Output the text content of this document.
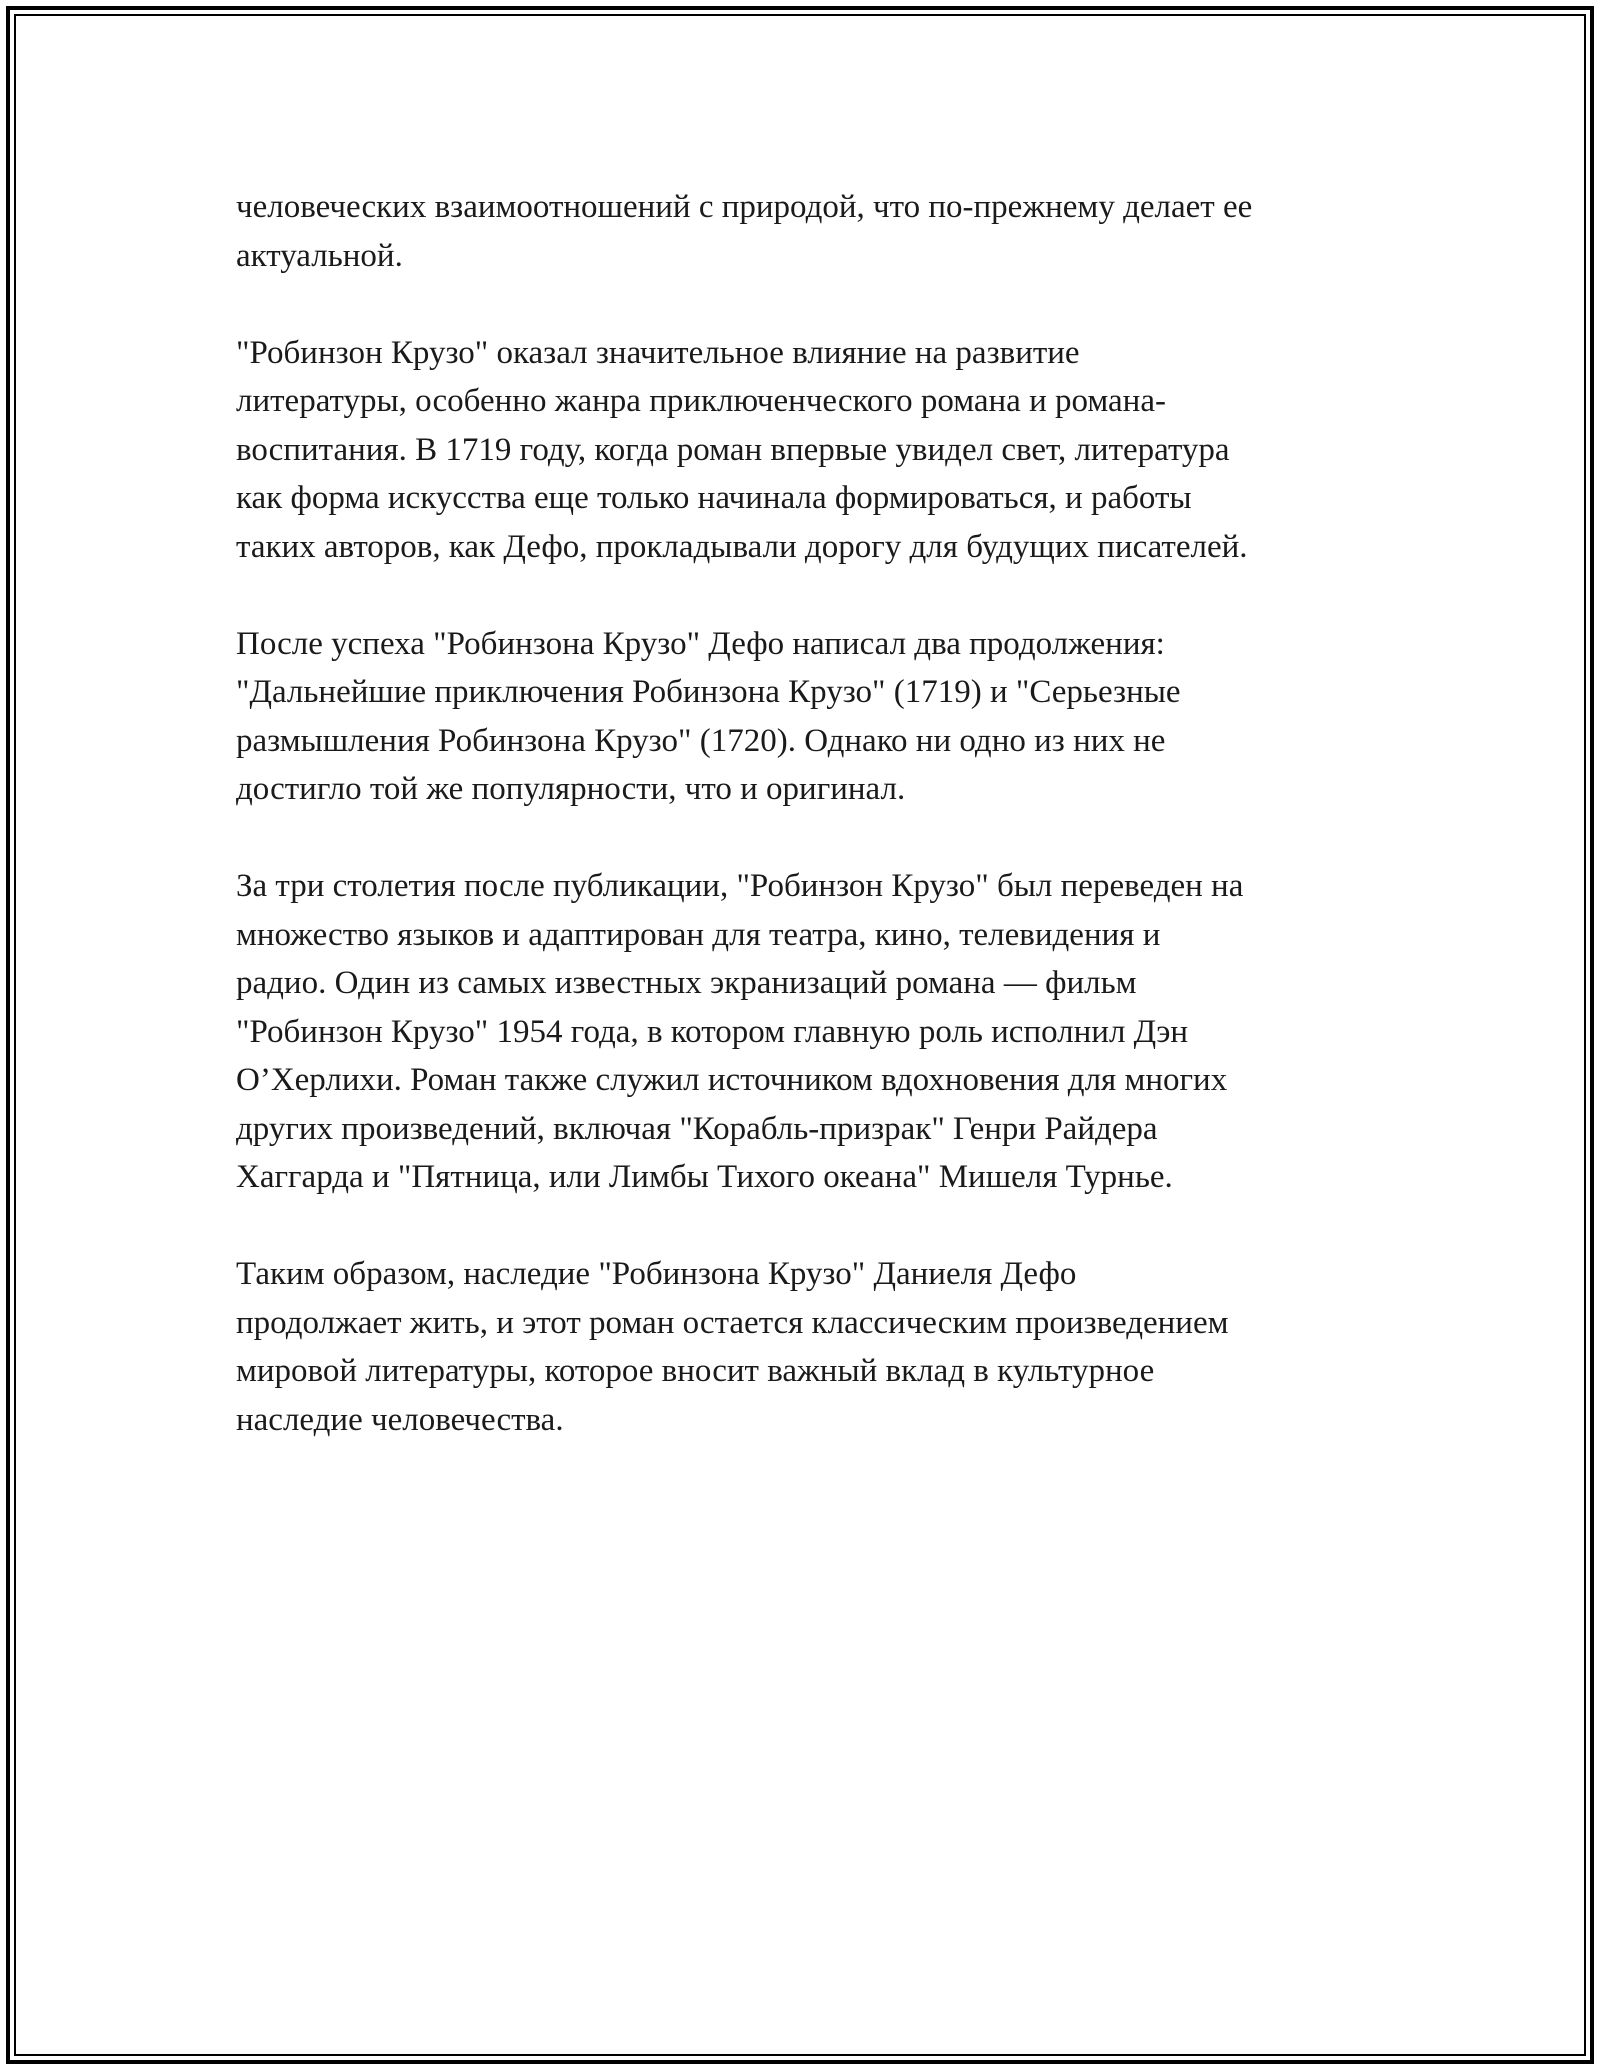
человеческих взаимоотношений с природой, что по-прежнему делает ее
актуальной.

"Робинзон Крузо" оказал значительное влияние на развитие
литературы, особенно жанра приключенческого романа и романа-
воспитания. В 1719 году, когда роман впервые увидел свет, литература
как форма искусства еще только начинала формироваться, и работы
таких авторов, как Дефо, прокладывали дорогу для будущих писателей.

После успеха "Робинзона Крузо" Дефо написал два продолжения:
"Дальнейшие приключения Робинзона Крузо" (1719) и "Серьезные
размышления Робинзона Крузо" (1720). Однако ни одно из них не
достигло той же популярности, что и оригинал.

За три столетия после публикации, "Робинзон Крузо" был переведен на
множество языков и адаптирован для театра, кино, телевидения и
радио. Один из самых известных экранизаций романа — фильм
"Робинзон Крузо" 1954 года, в котором главную роль исполнил Дэн
О’Херлихи. Роман также служил источником вдохновения для многих
других произведений, включая "Корабль-призрак" Генри Райдера
Хаггарда и "Пятница, или Лимбы Тихого океана" Мишеля Турнье.

Таким образом, наследие "Робинзона Крузо" Даниеля Дефо
продолжает жить, и этот роман остается классическим произведением
мировой литературы, которое вносит важный вклад в культурное
наследие человечества.
